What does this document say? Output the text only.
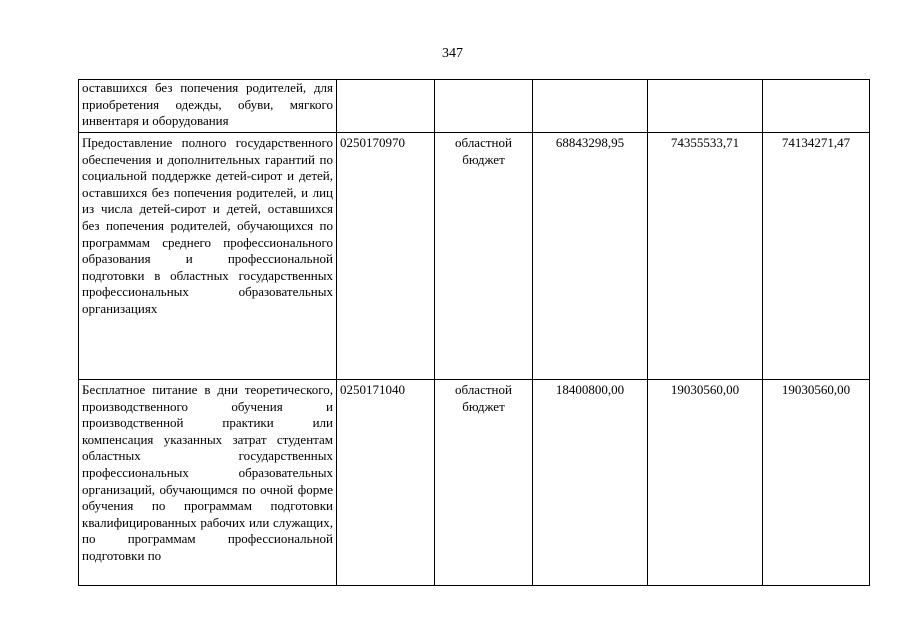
347
оставшихся без попечения родителей, для приобретения одежды, обуви, мягкого инвентаря и оборудования					
Предоставление полного государственного обеспечения и дополнительных гарантий по социальной поддержке детей-сирот и детей, оставшихся без попечения родителей, и лиц из числа детей-сирот и детей, оставшихся без попечения родителей, обучающихся по программам среднего профессионального образования и профессиональной подготовки в областных государственных профессиональных образовательных организациях	0250170970	областной бюджет	68843298,95	74355533,71	74134271,47
Бесплатное питание в дни теоретического, производственного обучения и производственной практики или компенсация указанных затрат студентам областных государственных профессиональных образовательных организаций, обучающимся по очной форме обучения по программам подготовки квалифицированных рабочих или служащих, по программам профессиональной подготовки по	0250171040	областной бюджет	18400800,00	19030560,00	19030560,00
